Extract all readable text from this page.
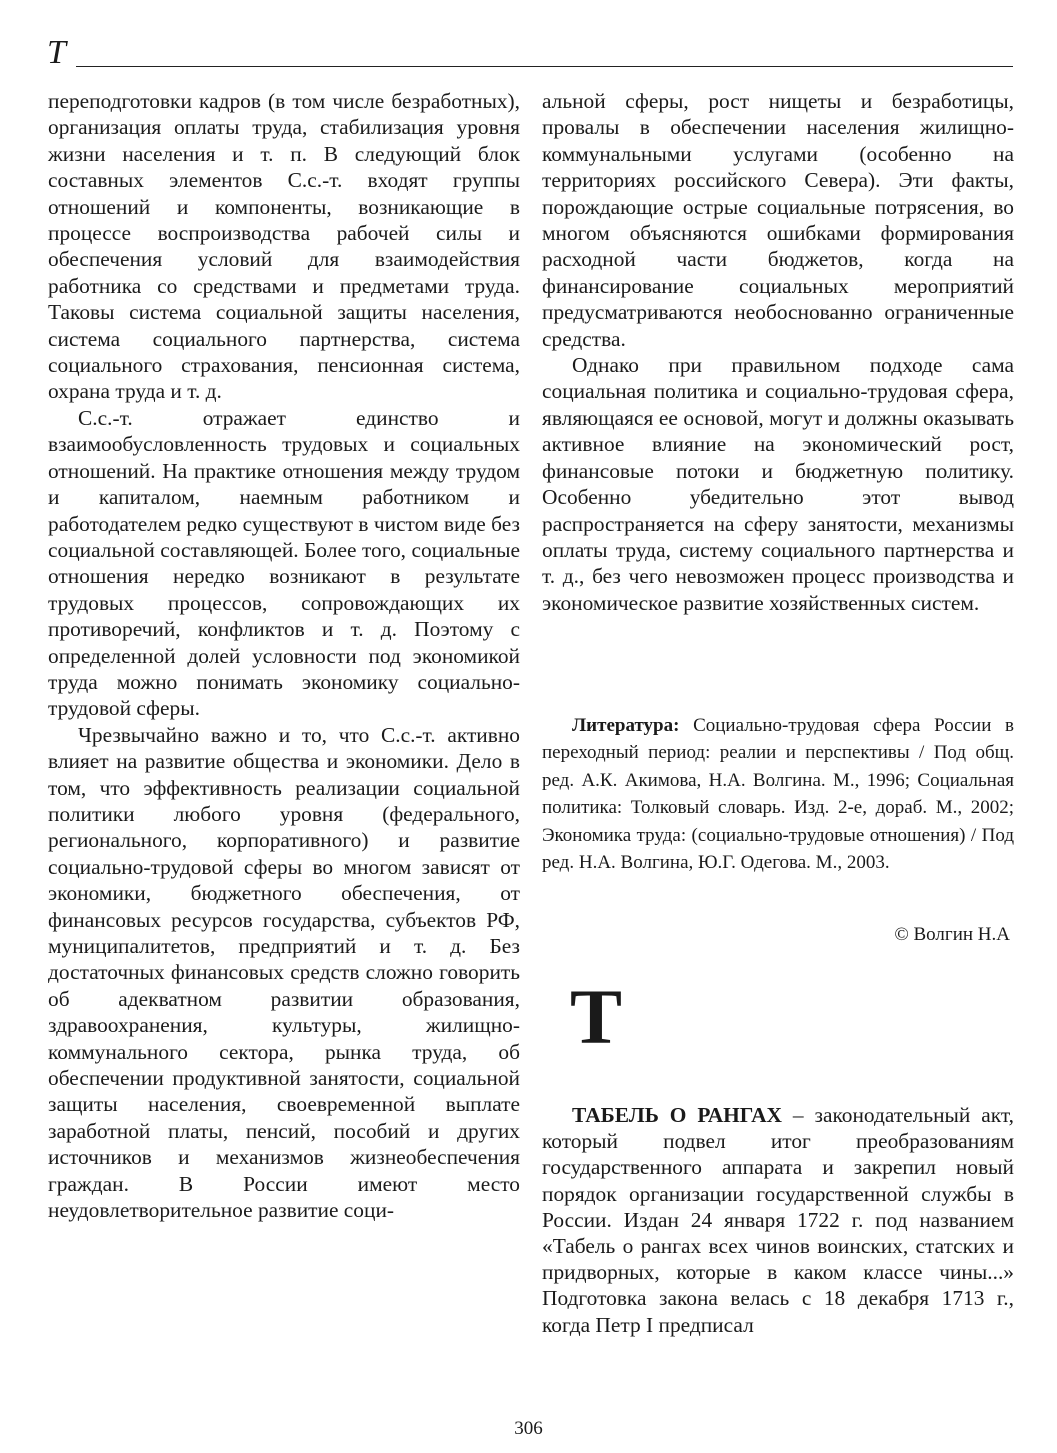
Т

переподготовки кадров (в том числе безработных), организация оплаты труда, стабилизация уровня жизни населения и т. п. В следующий блок составных элементов С.с.-т. входят группы отношений и компоненты, возникающие в процессе воспроизводства рабочей силы и обеспечения условий для взаимодействия работника со средствами и предметами труда. Таковы система социальной защиты населения, система социального партнерства, система социального страхования, пенсионная система, охрана труда и т. д.

С.с.-т. отражает единство и взаимообусловленность трудовых и социальных отношений. На практике отношения между трудом и капиталом, наемным работником и работодателем редко существуют в чистом виде без социальной составляющей. Более того, социальные отношения нередко возникают в результате трудовых процессов, сопровождающих их противоречий, конфликтов и т. д. Поэтому с определенной долей условности под экономикой труда можно понимать экономику социально-трудовой сферы.

Чрезвычайно важно и то, что С.с.-т. активно влияет на развитие общества и экономики. Дело в том, что эффективность реализации социальной политики любого уровня (федерального, регионального, корпоративного) и развитие социально-трудовой сферы во многом зависят от экономики, бюджетного обеспечения, от финансовых ресурсов государства, субъектов РФ, муниципалитетов, предприятий и т. д. Без достаточных финансовых средств сложно говорить об адекватном развитии образования, здравоохранения, культуры, жилищно-коммунального сектора, рынка труда, об обеспечении продуктивной занятости, социальной защиты населения, своевременной выплате заработной платы, пенсий, пособий и других источников и механизмов жизнеобеспечения граждан. В России имеют место неудовлетворительное развитие соци-

альной сферы, рост нищеты и безработицы, провалы в обеспечении населения жилищно-коммунальными услугами (особенно на территориях российского Севера). Эти факты, порождающие острые социальные потрясения, во многом объясняются ошибками формирования расходной части бюджетов, когда на финансирование социальных мероприятий предусматриваются необоснованно ограниченные средства.

Однако при правильном подходе сама социальная политика и социально-трудовая сфера, являющаяся ее основой, могут и должны оказывать активное влияние на экономический рост, финансовые потоки и бюджетную политику. Особенно убедительно этот вывод распространяется на сферу занятости, механизмы оплаты труда, систему социального партнерства и т. д., без чего невозможен процесс производства и экономическое развитие хозяйственных систем.

Литература: Социально-трудовая сфера России в переходный период: реалии и перспективы / Под общ. ред. А.К. Акимова, Н.А. Волгина. М., 1996; Социальная политика: Толковый словарь. Изд. 2-е, дораб. М., 2002; Экономика труда: (социально-трудовые отношения) / Под ред. Н.А. Волгина, Ю.Г. Одегова. М., 2003.
© Волгин Н.А
Т
ТАБЕЛЬ О РАНГАХ – законодательный акт, который подвел итог преобразованиям государственного аппарата и закрепил новый порядок организации государственной службы в России. Издан 24 января 1722 г. под названием «Табель о рангах всех чинов воинских, статских и придворных, которые в каком классе чины...» Подготовка закона велась с 18 декабря 1713 г., когда Петр I предписал
306
